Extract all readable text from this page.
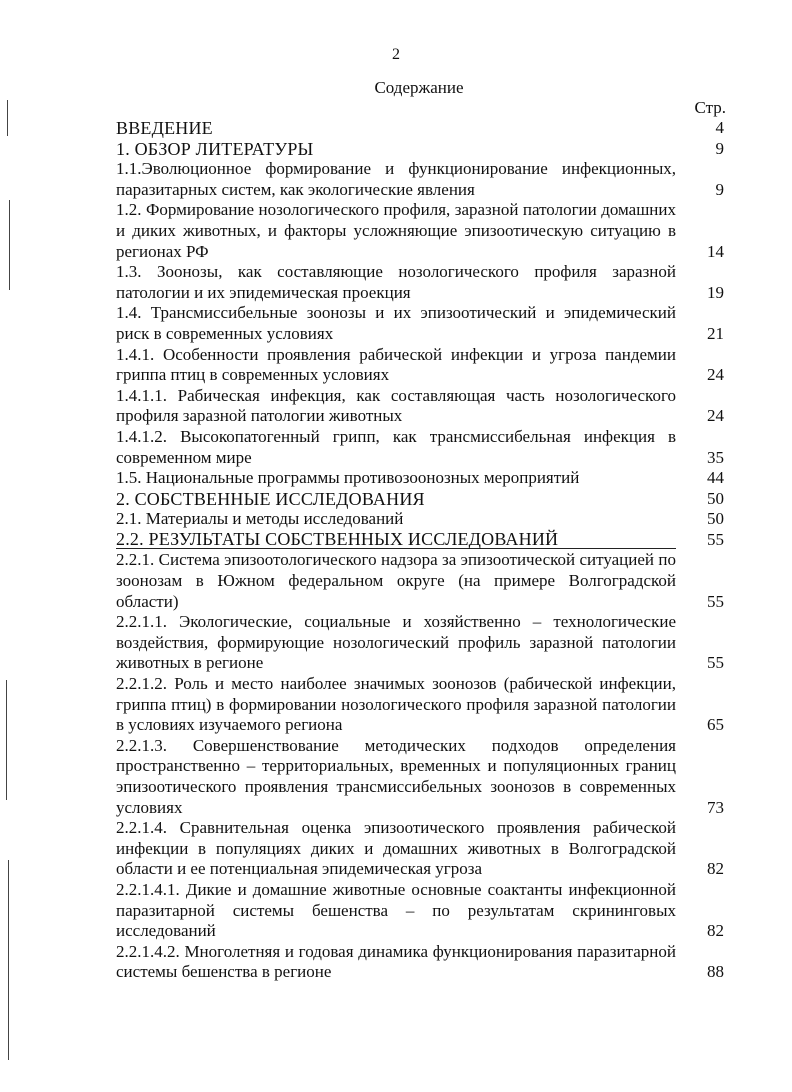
2
Содержание
Стр.
ВВЕДЕНИЕ	4
1. ОБЗОР ЛИТЕРАТУРЫ	9
1.1.Эволюционное формирование и функционирование инфекционных, паразитарных систем, как экологические явления	9
1.2. Формирование нозологического профиля, заразной патологии домашних и диких животных, и факторы усложняющие эпизоотическую ситуацию в регионах РФ	14
1.3. Зоонозы, как составляющие нозологического профиля заразной патологии и их эпидемическая проекция	19
1.4. Трансмиссибельные зоонозы и их эпизоотический и эпидемический риск в современных условиях	21
1.4.1. Особенности проявления рабической инфекции и угроза пандемии гриппа птиц в современных условиях	24
1.4.1.1. Рабическая инфекция, как составляющая часть нозологического профиля заразной патологии животных	24
1.4.1.2. Высокопатогенный грипп, как трансмиссибельная инфекция в современном мире	35
1.5. Национальные программы противозоонозных мероприятий	44
2. СОБСТВЕННЫЕ ИССЛЕДОВАНИЯ	50
2.1. Материалы и методы исследований	50
2.2. РЕЗУЛЬТАТЫ СОБСТВЕННЫХ ИССЛЕДОВАНИЙ	55
2.2.1. Система эпизоотологического надзора за эпизоотической ситуацией по зоонозам в Южном федеральном округе (на примере Волгоградской области)	55
2.2.1.1. Экологические, социальные и хозяйственно – технологические воздействия, формирующие нозологический профиль заразной патологии животных в регионе	55
2.2.1.2. Роль и место наиболее значимых зоонозов (рабической инфекции, гриппа птиц) в формировании нозологического профиля заразной патологии в условиях изучаемого региона	65
2.2.1.3. Совершенствование методических подходов определения пространственно – территориальных, временных и популяционных границ эпизоотического проявления трансмиссибельных зоонозов в современных условиях	73
2.2.1.4. Сравнительная оценка эпизоотического проявления рабической инфекции в популяциях диких и домашних животных в Волгоградской области и ее потенциальная эпидемическая угроза	82
2.2.1.4.1. Дикие и домашние животные основные соактанты инфекционной паразитарной системы бешенства – по результатам скрининговых исследований	82
2.2.1.4.2. Многолетняя и годовая динамика функционирования паразитарной системы бешенства в регионе	88
